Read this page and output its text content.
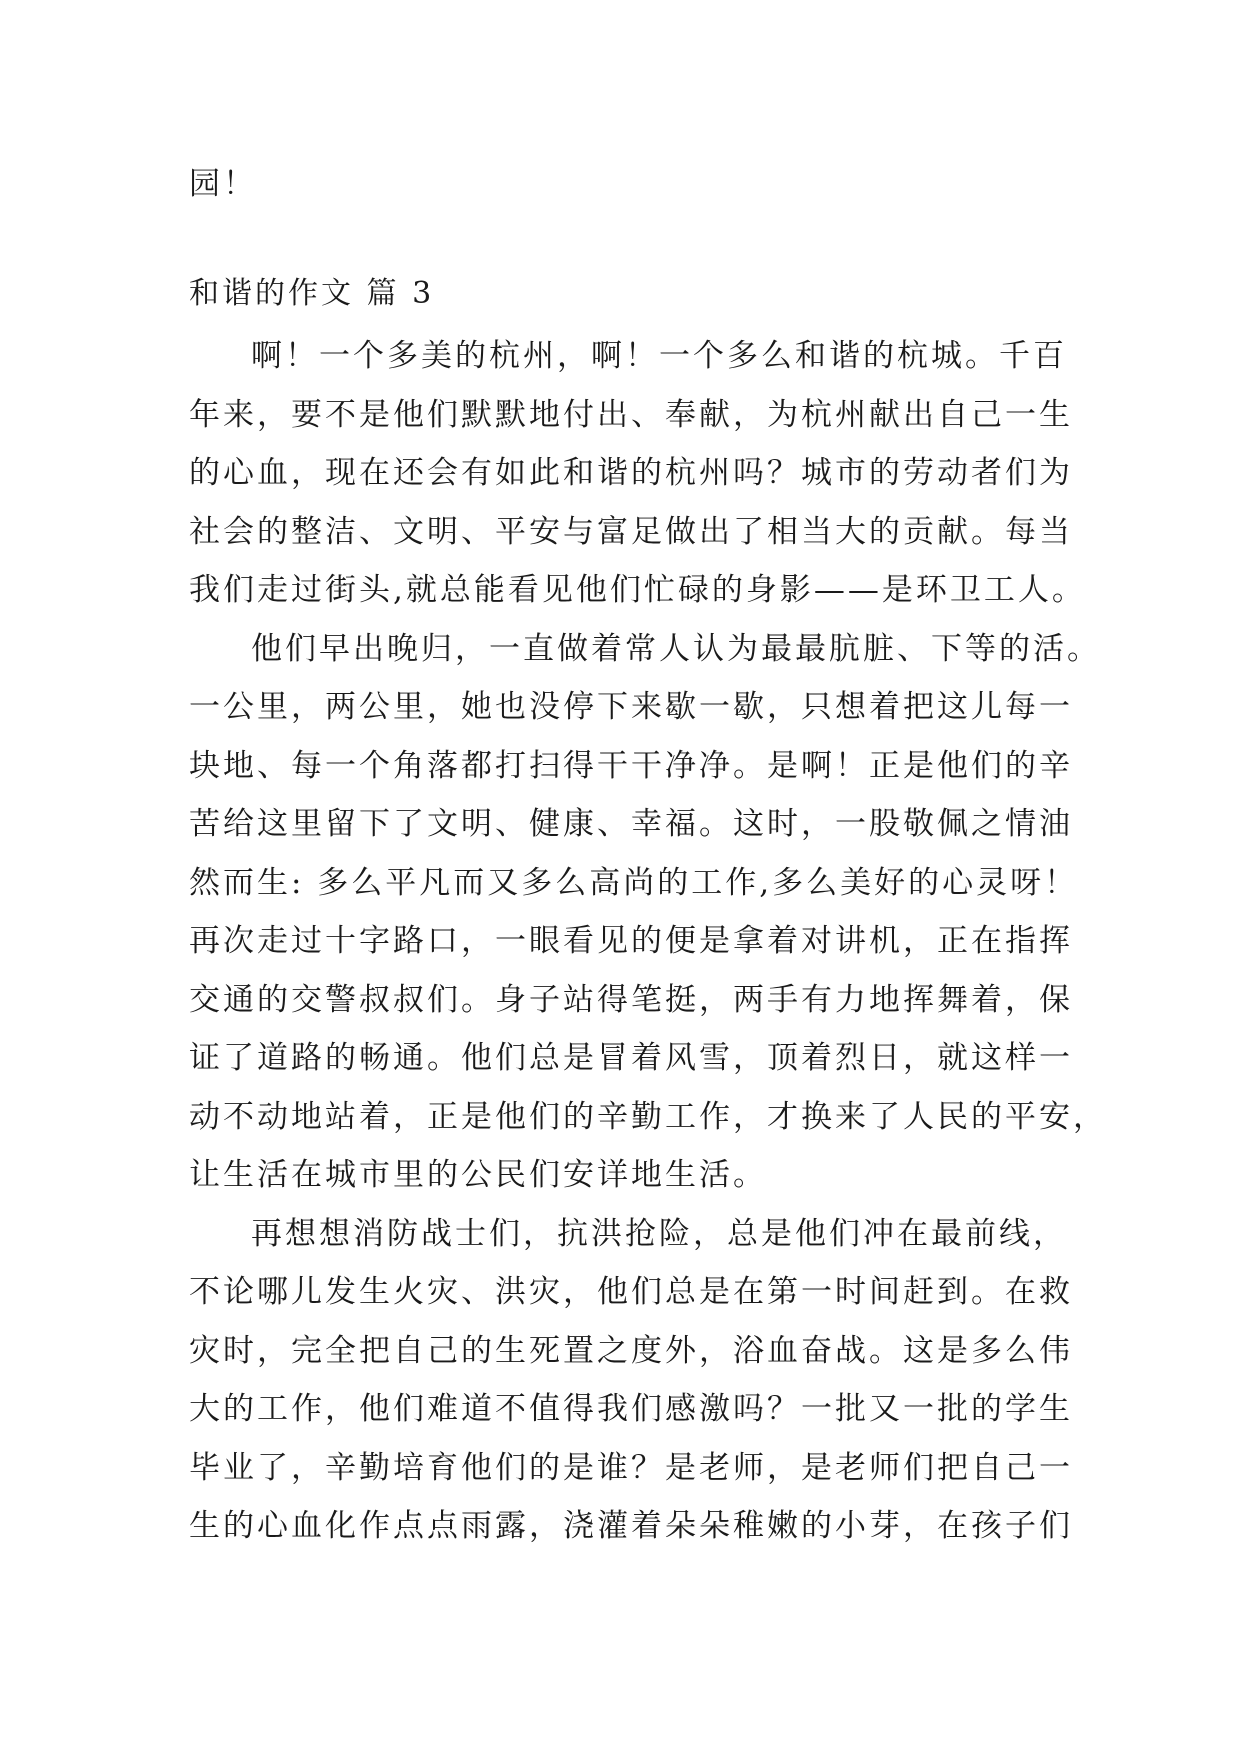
园！

和谐的作文 篇 3

啊！一个多美的杭州，啊！一个多么和谐的杭城。千百
年来，要不是他们默默地付出、奉献，为杭州献出自己一生
的心血，现在还会有如此和谐的杭州吗？城市的劳动者们为
社会的整洁、文明、平安与富足做出了相当大的贡献。每当
我们走过街头,就总能看见他们忙碌的身影——是环卫工人。
他们早出晚归，一直做着常人认为最最肮脏、下等的活。
一公里，两公里，她也没停下来歇一歇，只想着把这儿每一
块地、每一个角落都打扫得干干净净。是啊！正是他们的辛
苦给这里留下了文明、健康、幸福。这时，一股敬佩之情油
然而生: 多么平凡而又多么高尚的工作,多么美好的心灵呀！
再次走过十字路口，一眼看见的便是拿着对讲机，正在指挥
交通的交警叔叔们。身子站得笔挺，两手有力地挥舞着，保
证了道路的畅通。他们总是冒着风雪，顶着烈日，就这样一
动不动地站着，正是他们的辛勤工作，才换来了人民的平安，
让生活在城市里的公民们安详地生活。
再想想消防战士们，抗洪抢险，总是他们冲在最前线，
不论哪儿发生火灾、洪灾，他们总是在第一时间赶到。在救
灾时，完全把自己的生死置之度外，浴血奋战。这是多么伟
大的工作，他们难道不值得我们感激吗？一批又一批的学生
毕业了，辛勤培育他们的是谁？是老师，是老师们把自己一
生的心血化作点点雨露，浇灌着朵朵稚嫩的小芽，在孩子们
